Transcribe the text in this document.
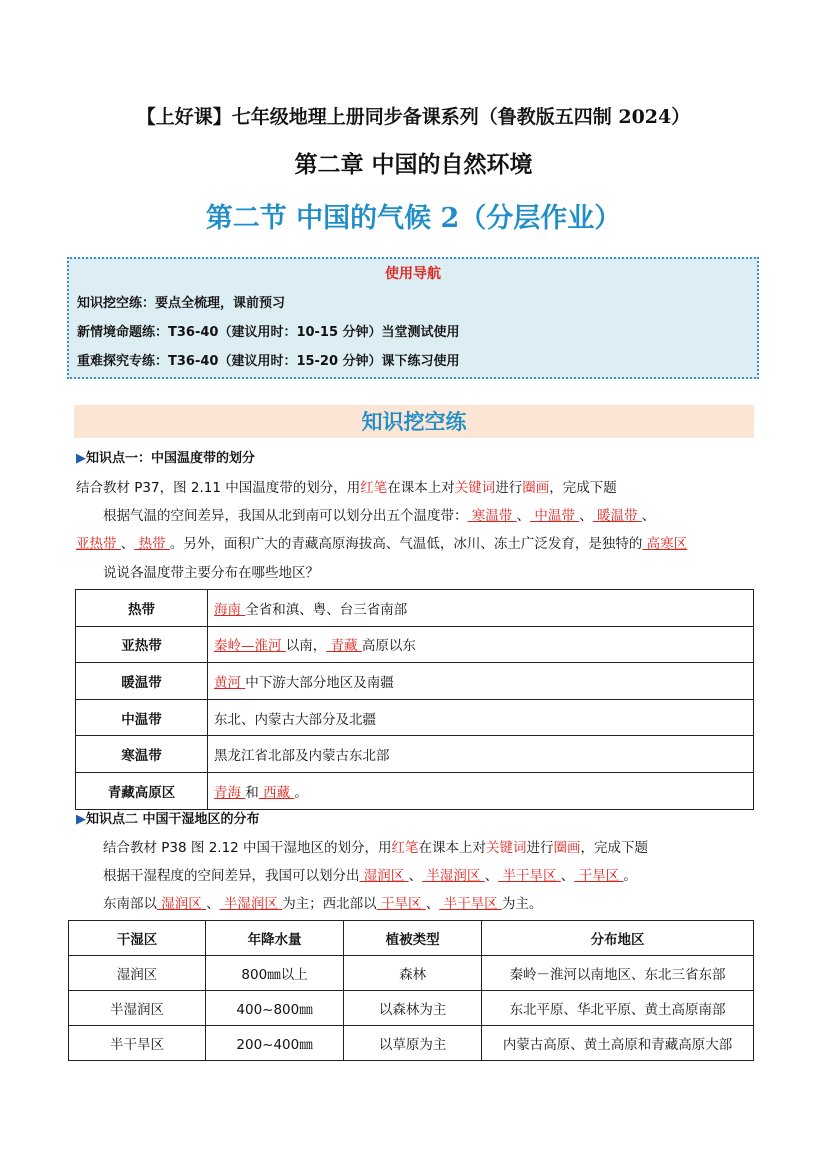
【上好课】七年级地理上册同步备课系列（鲁教版五四制 2024）
第二章 中国的自然环境
第二节 中国的气候 2（分层作业）
使用导航
知识挖空练：要点全梳理，课前预习
新情境命题练：T36-40（建议用时：10-15 分钟）当堂测试使用
重难探究专练：T36-40（建议用时：15-20 分钟）课下练习使用
知识挖空练
▶知识点一：中国温度带的划分
结合教材 P37，图 2.11 中国温度带的划分，用红笔在课本上对关键词进行圈画，完成下题
根据气温的空间差异，我国从北到南可以划分出五个温度带： 寒温带 、 中温带 、 暖温带 、
亚热带 、 热带 。另外，面积广大的青藏高原海拔高、气温低，冰川、冻土广泛发育，是独特的 高寒区
说说各温度带主要分布在哪些地区？
热带	海南 全省和滇、粤、台三省南部
亚热带	秦岭—淮河 以南， 青藏 高原以东
暖温带	黄河 中下游大部分地区及南疆
中温带	东北、内蒙古大部分及北疆
寒温带	黑龙江省北部及内蒙古东北部
青藏高原区	青海 和 西藏 。
▶知识点二 中国干湿地区的分布
结合教材 P38 图 2.12 中国干湿地区的划分，用红笔在课本上对关键词进行圈画，完成下题
根据干湿程度的空间差异，我国可以划分出 湿润区 、 半湿润区 、 半干旱区 、 干旱区 。
东南部以 湿润区 、 半湿润区 为主；西北部以 干旱区 、 半干旱区 为主。
干湿区	年降水量	植被类型	分布地区
湿润区	800㎜以上	森林	秦岭－淮河以南地区、东北三省东部
半湿润区	400~800㎜	以森林为主	东北平原、华北平原、黄土高原南部
半干旱区	200~400㎜	以草原为主	内蒙古高原、黄土高原和青藏高原大部
